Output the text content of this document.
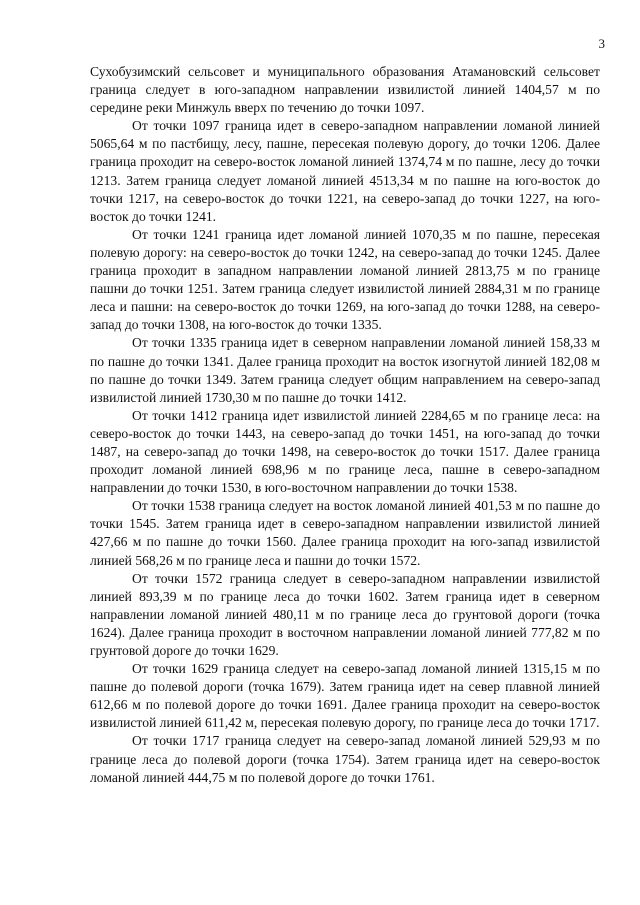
3

Сухобузимский сельсовет и муниципального образования Атамановский сельсовет граница следует в юго-западном направлении извилистой линией 1404,57 м по середине реки Минжуль вверх по течению до точки 1097.

От точки 1097 граница идет в северо-западном направлении ломаной линией 5065,64 м по пастбищу, лесу, пашне, пересекая полевую дорогу, до точки 1206. Далее граница проходит на северо-восток ломаной линией 1374,74 м по пашне, лесу до точки 1213. Затем граница следует ломаной линией 4513,34 м по пашне на юго-восток до точки 1217, на северо-восток до точки 1221, на северо-запад до точки 1227, на юго-восток до точки 1241.

От точки 1241 граница идет ломаной линией 1070,35 м по пашне, пересекая полевую дорогу: на северо-восток до точки 1242, на северо-запад до точки 1245. Далее граница проходит в западном направлении ломаной линией 2813,75 м по границе пашни до точки 1251. Затем граница следует извилистой линией 2884,31 м по границе леса и пашни: на северо-восток до точки 1269, на юго-запад до точки 1288, на северо-запад до точки 1308, на юго-восток до точки 1335.

От точки 1335 граница идет в северном направлении ломаной линией 158,33 м по пашне до точки 1341. Далее граница проходит на восток изогнутой линией 182,08 м по пашне до точки 1349. Затем граница следует общим направлением на северо-запад извилистой линией 1730,30 м по пашне до точки 1412.

От точки 1412 граница идет извилистой линией 2284,65 м по границе леса: на северо-восток до точки 1443, на северо-запад до точки 1451, на юго-запад до точки 1487, на северо-запад до точки 1498, на северо-восток до точки 1517. Далее граница проходит ломаной линией 698,96 м по границе леса, пашне в северо-западном направлении до точки 1530, в юго-восточном направлении до точки 1538.

От точки 1538 граница следует на восток ломаной линией 401,53 м по пашне до точки 1545. Затем граница идет в северо-западном направлении извилистой линией 427,66 м по пашне до точки 1560. Далее граница проходит на юго-запад извилистой линией 568,26 м по границе леса и пашни до точки 1572.

От точки 1572 граница следует в северо-западном направлении извилистой линией 893,39 м по границе леса до точки 1602. Затем граница идет в северном направлении ломаной линией 480,11 м по границе леса до грунтовой дороги (точка 1624). Далее граница проходит в восточном направлении ломаной линией 777,82 м по грунтовой дороге до точки 1629.

От точки 1629 граница следует на северо-запад ломаной линией 1315,15 м по пашне до полевой дороги (точка 1679). Затем граница идет на север плавной линией 612,66 м по полевой дороге до точки 1691. Далее граница проходит на северо-восток извилистой линией 611,42 м, пересекая полевую дорогу, по границе леса до точки 1717.

От точки 1717 граница следует на северо-запад ломаной линией 529,93 м по границе леса до полевой дороги (точка 1754). Затем граница идет на северо-восток ломаной линией 444,75 м по полевой дороге до точки 1761.
